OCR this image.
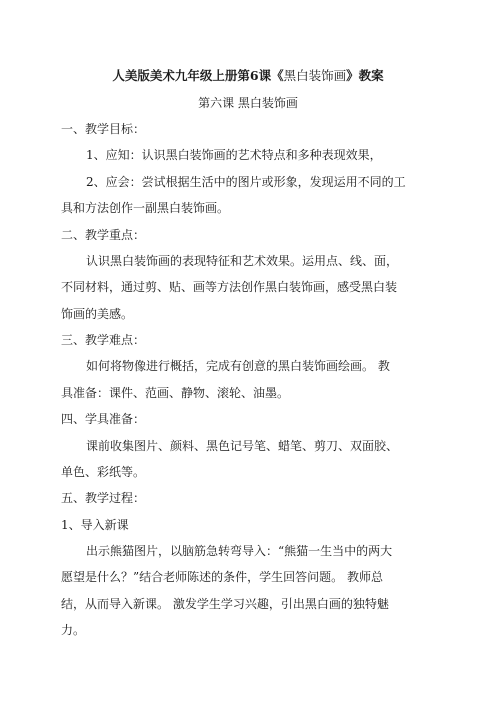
人美版美术九年级上册第6课《黑白装饰画》教案

第六课 黑白装饰画

一、教学目标：

1、应知：认识黑白装饰画的艺术特点和多种表现效果，

2、应会：尝试根据生活中的图片或形象，发现运用不同的工

具和方法创作一副黑白装饰画。

二、教学重点：

认识黑白装饰画的表现特征和艺术效果。运用点、线、面，

不同材料，通过剪、贴、画等方法创作黑白装饰画，感受黑白装

饰画的美感。

三、教学难点：

如何将物像进行概括，完成有创意的黑白装饰画绘画。 教

具准备：课件、范画、静物、滚轮、油墨。

四、学具准备：

课前收集图片、颜料、黑色记号笔、蜡笔、剪刀、双面胶、

单色、彩纸等。

五、教学过程：

1、导入新课

出示熊猫图片，以脑筋急转弯导入：“熊猫一生当中的两大

愿望是什么？”结合老师陈述的条件，学生回答问题。 教师总

结，从而导入新课。 激发学生学习兴趣，引出黑白画的独特魅

力。
